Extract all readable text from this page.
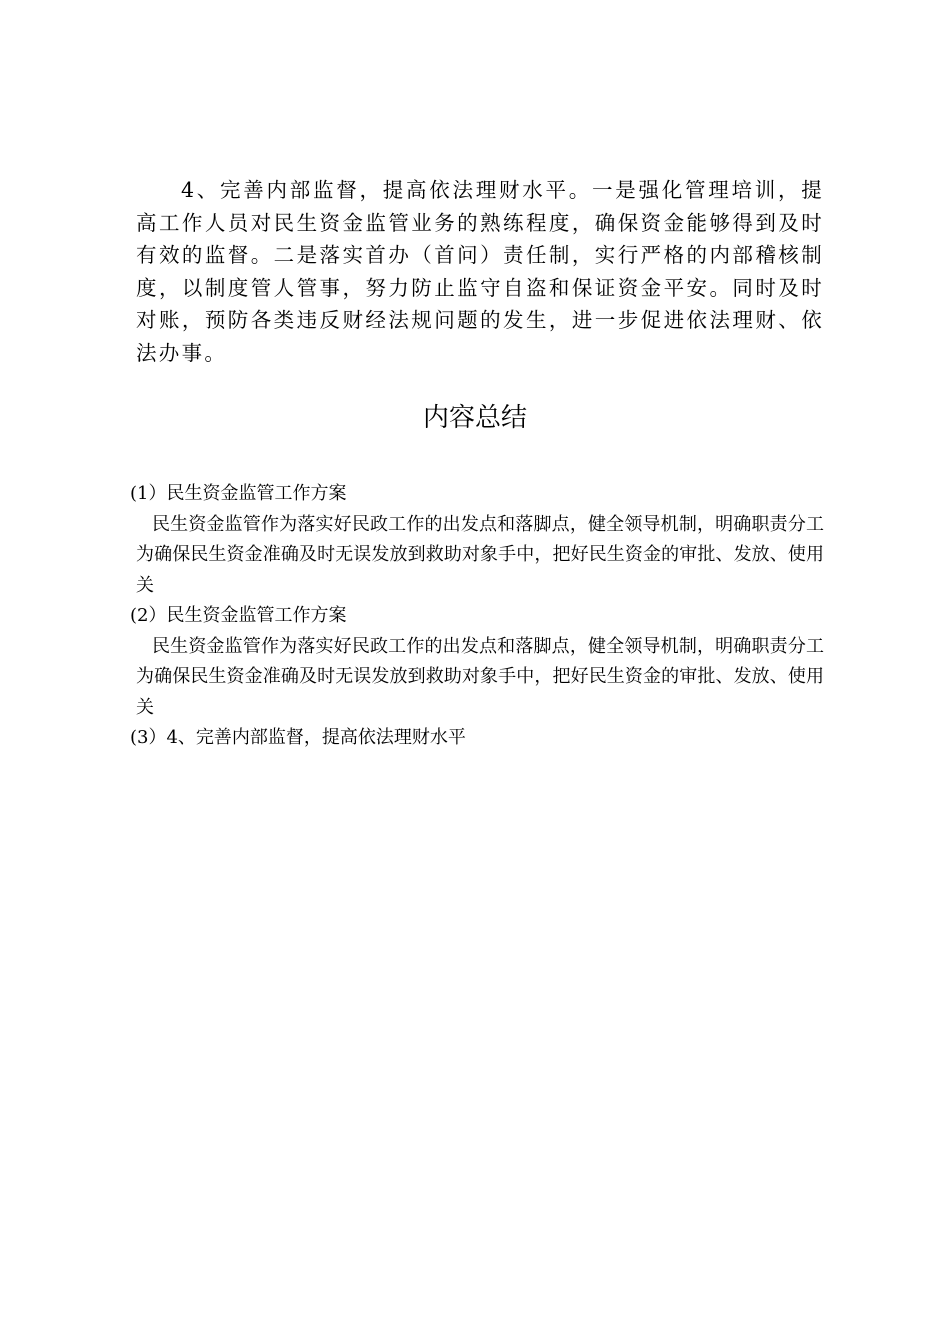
4、完善内部监督，提高依法理财水平。一是强化管理培训，提高工作人员对民生资金监管业务的熟练程度，确保资金能够得到及时有效的监督。二是落实首办（首问）责任制，实行严格的内部稽核制度，以制度管人管事，努力防止监守自盗和保证资金平安。同时及时对账，预防各类违反财经法规问题的发生，进一步促进依法理财、依法办事。

内容总结

(1）民生资金监管工作方案

民生资金监管作为落实好民政工作的出发点和落脚点，健全领导机制，明确职责分工为确保民生资金准确及时无误发放到救助对象手中，把好民生资金的审批、发放、使用关

(2）民生资金监管工作方案

民生资金监管作为落实好民政工作的出发点和落脚点，健全领导机制，明确职责分工为确保民生资金准确及时无误发放到救助对象手中，把好民生资金的审批、发放、使用关

(3）4、完善内部监督，提高依法理财水平
